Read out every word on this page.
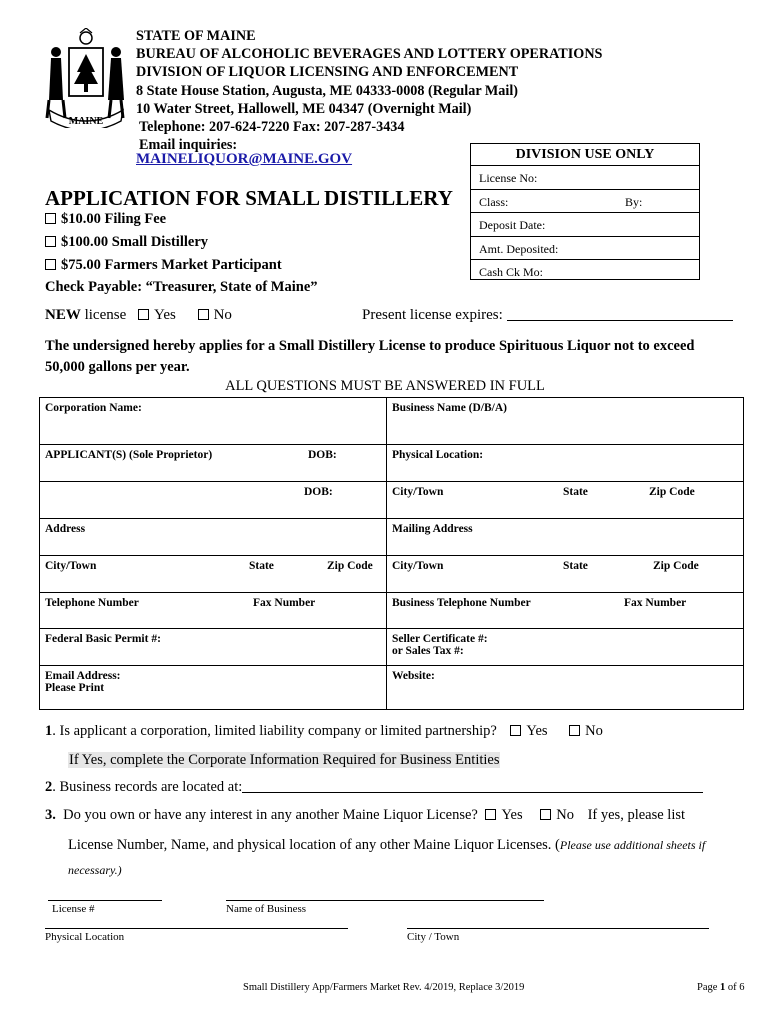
MAINE
STATE OF MAINE
BUREAU OF ALCOHOLIC BEVERAGES AND LOTTERY OPERATIONS
DIVISION OF LIQUOR LICENSING AND ENFORCEMENT
8 State House Station, Augusta, ME 04333-0008 (Regular Mail)
10 Water Street, Hallowell, ME 04347 (Overnight Mail)
Telephone: 207-624-7220 Fax: 207-287-3434
Email inquiries:
MAINELIQUOR@MAINE.GOV	DIVISION USE ONLY
License No:
Class:	By:
Deposit Date:
Amt. Deposited:
Cash Ck Mo:
APPLICATION FOR SMALL DISTILLERY
$10.00 Filing Fee
$100.00 Small Distillery
$75.00 Farmers Market Participant
Check Payable: “Treasurer, State of Maine”
NEW license Yes	No	Present license expires:
The undersigned hereby applies for a Small Distillery License to produce Spirituous Liquor not to exceed 50,000 gallons per year.
ALL QUESTIONS MUST BE ANSWERED IN FULL
Corporation Name:	Business Name (D/B/A)
APPLICANT(S) (Sole Proprietor) DOB:	Physical Location:

DOB:	City/Town State Zip Code

Address	Mailing Address
City/Town State Zip Code	City/Town State Zip Code

Telephone Number Fax Number	Business Telephone Number Fax Number

Federal Basic Permit #:	Seller Certificate #:
or Sales Tax #:
Email Address:
Please Print	Website:
1. Is applicant a corporation, limited liability company or limited partnership? Yes	No
If Yes, complete the Corporate Information Required for Business Entities
2. Business records are located at:
3. Do you own or have any interest in any another Maine Liquor License? Yes No If yes, please list
License Number, Name, and physical location of any other Maine Liquor Licenses. (Please use additional sheets if
necessary.)
License #	Name of Business
Physical Location	City / Town
Small Distillery App/Farmers Market Rev. 4/2019, Replace 3/2019	Page 1 of 6
